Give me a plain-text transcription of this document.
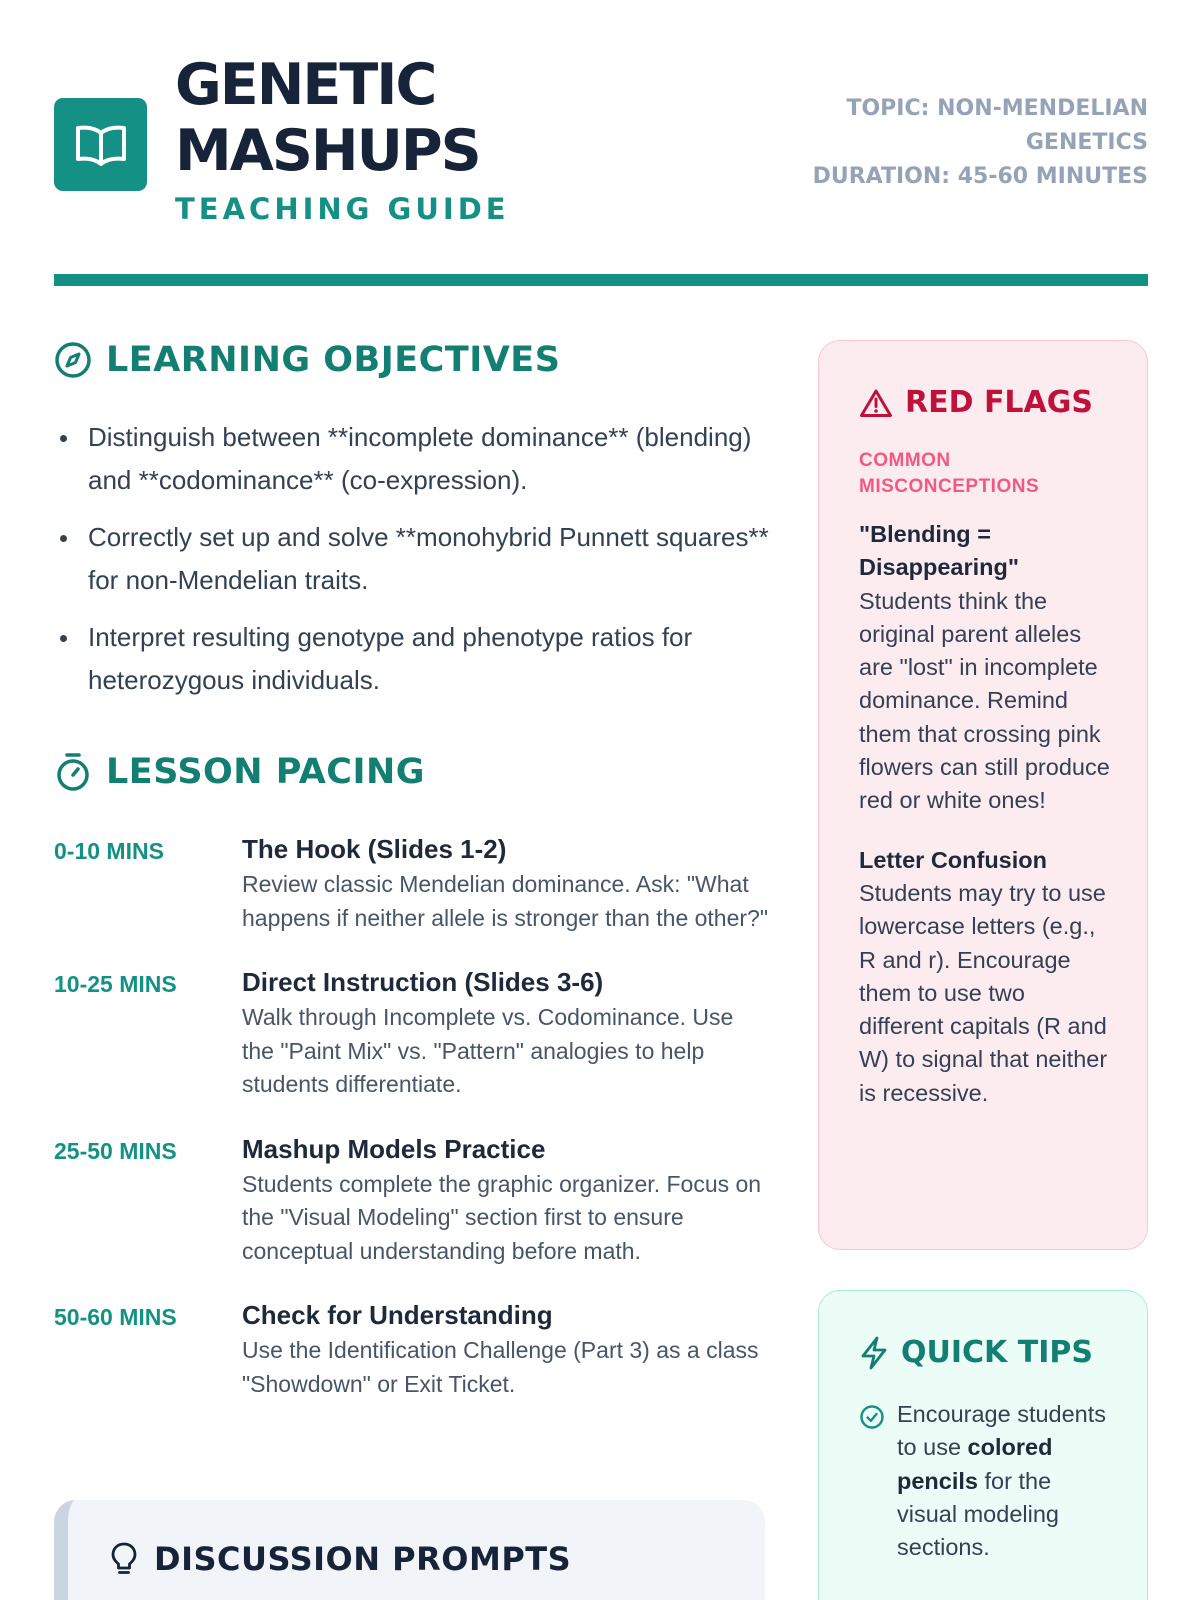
GENETIC
MASHUPS
TEACHING GUIDE
TOPIC: NON-MENDELIAN
GENETICS
DURATION: 45-60 MINUTES
LEARNING OBJECTIVES
Distinguish between **incomplete dominance** (blending) and **codominance** (co-expression).
Correctly set up and solve **monohybrid Punnett squares** for non-Mendelian traits.
Interpret resulting genotype and phenotype ratios for heterozygous individuals.
LESSON PACING
0-10 MINS	The Hook (Slides 1-2)
Review classic Mendelian dominance. Ask: "What happens if neither allele is stronger than the other?"
10-25 MINS	Direct Instruction (Slides 3-6)
Walk through Incomplete vs. Codominance. Use the "Paint Mix" vs. "Pattern" analogies to help students differentiate.
25-50 MINS	Mashup Models Practice
Students complete the graphic organizer. Focus on the "Visual Modeling" section first to ensure conceptual understanding before math.
50-60 MINS	Check for Understanding
Use the Identification Challenge (Part 3) as a class "Showdown" or Exit Ticket.
DISCUSSION PROMPTS
RED FLAGS
COMMON MISCONCEPTIONS
"Blending = Disappearing"
Students think the original parent alleles are "lost" in incomplete dominance. Remind them that crossing pink flowers can still produce red or white ones!
Letter Confusion
Students may try to use lowercase letters (e.g., R and r). Encourage them to use two different capitals (R and W) to signal that neither is recessive.
QUICK TIPS
Encourage students to use colored pencils for the visual modeling sections.
